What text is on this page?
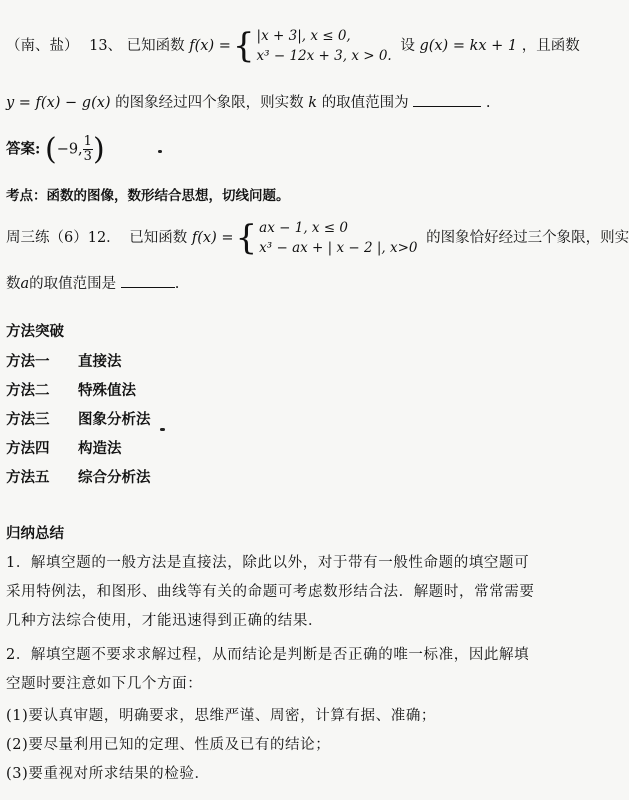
（南、盐） 13、 已知函数 f(x) = { |x + 3|, x ≤ 0,
x³ − 12x + 3, x > 0.
设 g(x) = kx + 1 ，且函数
y = f(x) − g(x) 的图象经过四个象限，则实数 k 的取值范围为	.
答案: (−9, $\frac{1}{3}$ )
考点：函数的图像，数形结合思想，切线问题。
周三练（6）12． 已知函数 f(x) = { ax − 1, x ≤ 0
x³ − ax + | x − 2 |, x>0
的图象恰好经过三个象限，则实
数a的取值范围是	.
方法突破
方法一 直接法
方法二 特殊值法
方法三 图象分析法
方法四 构造法
方法五 综合分析法
归纳总结
1．解填空题的一般方法是直接法，除此以外，对于带有一般性命题的填空题可采用特例法，和图形、曲线等有关的命题可考虑数形结合法．解题时，常常需要几种方法综合使用，才能迅速得到正确的结果．
2．解填空题不要求求解过程，从而结论是判断是否正确的唯一标准，因此解填空题时要注意如下几个方面：
(1)要认真审题，明确要求，思维严谨、周密，计算有据、准确；
(2)要尽量利用已知的定理、性质及已有的结论；
(3)要重视对所求结果的检验．
